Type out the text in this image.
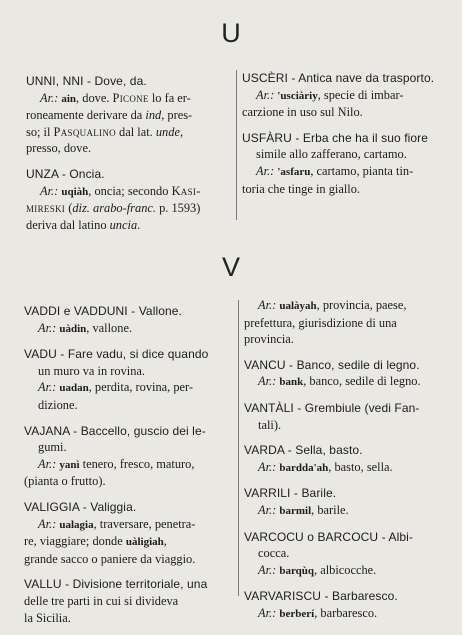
U
UNNI, NNI - Dove, da.
Ar.: ain, dove. Picone lo fa er-
roneamente derivare da ind, pres-
so; il Pasqualino dal lat. unde,
presso, dove.
UNZA - Oncia.
Ar.: uqiàh, oncia; secondo Kasi-
mireski (diz. arabo-franc. p. 1593)
deriva dal latino uncia.
USCÈRI - Antica nave da trasporto.
Ar.: 'usciàriy, specie di imbar-
carzione in uso sul Nilo.
USFÀRU - Erba che ha il suo fiore
simile allo zafferano, cartamo.
Ar.: 'asfaru, cartamo, pianta tin-
toria che tinge in giallo.
V
VADDI e VADDUNI - Vallone.
Ar.: uàdin, vallone.
VADU - Fare vadu, si dice quando
un muro va in rovina.
Ar.: uadan, perdita, rovina, per-
dizione.
VAJANA - Baccello, guscio dei le-
gumi.
Ar.: yanì tenero, fresco, maturo,
(pianta o frutto).
VALIGGIA - Valiggia.
Ar.: ualagia, traversare, penetra-
re, viaggiare; donde uàligiah,
grande sacco o paniere da viaggio.
VALLU - Divisione territoriale, una
delle tre parti in cui si divideva
la Sicilia.
Ar.: ualàyah, provincia, paese,
prefettura, giurisdizione di una
provincia.
VANCU - Banco, sedile di legno.
Ar.: bank, banco, sedile di legno.
VANTÀLI - Grembiule (vedi Fan-
tali).
VARDA - Sella, basto.
Ar.: bardda'ah, basto, sella.
VARRILI - Barile.
Ar.: barmil, barile.
VARCOCU o BARCOCU - Albi-
cocca.
Ar.: barqùq, albicocche.
VARVARISCU - Barbaresco.
Ar.: berberí, barbaresco.
